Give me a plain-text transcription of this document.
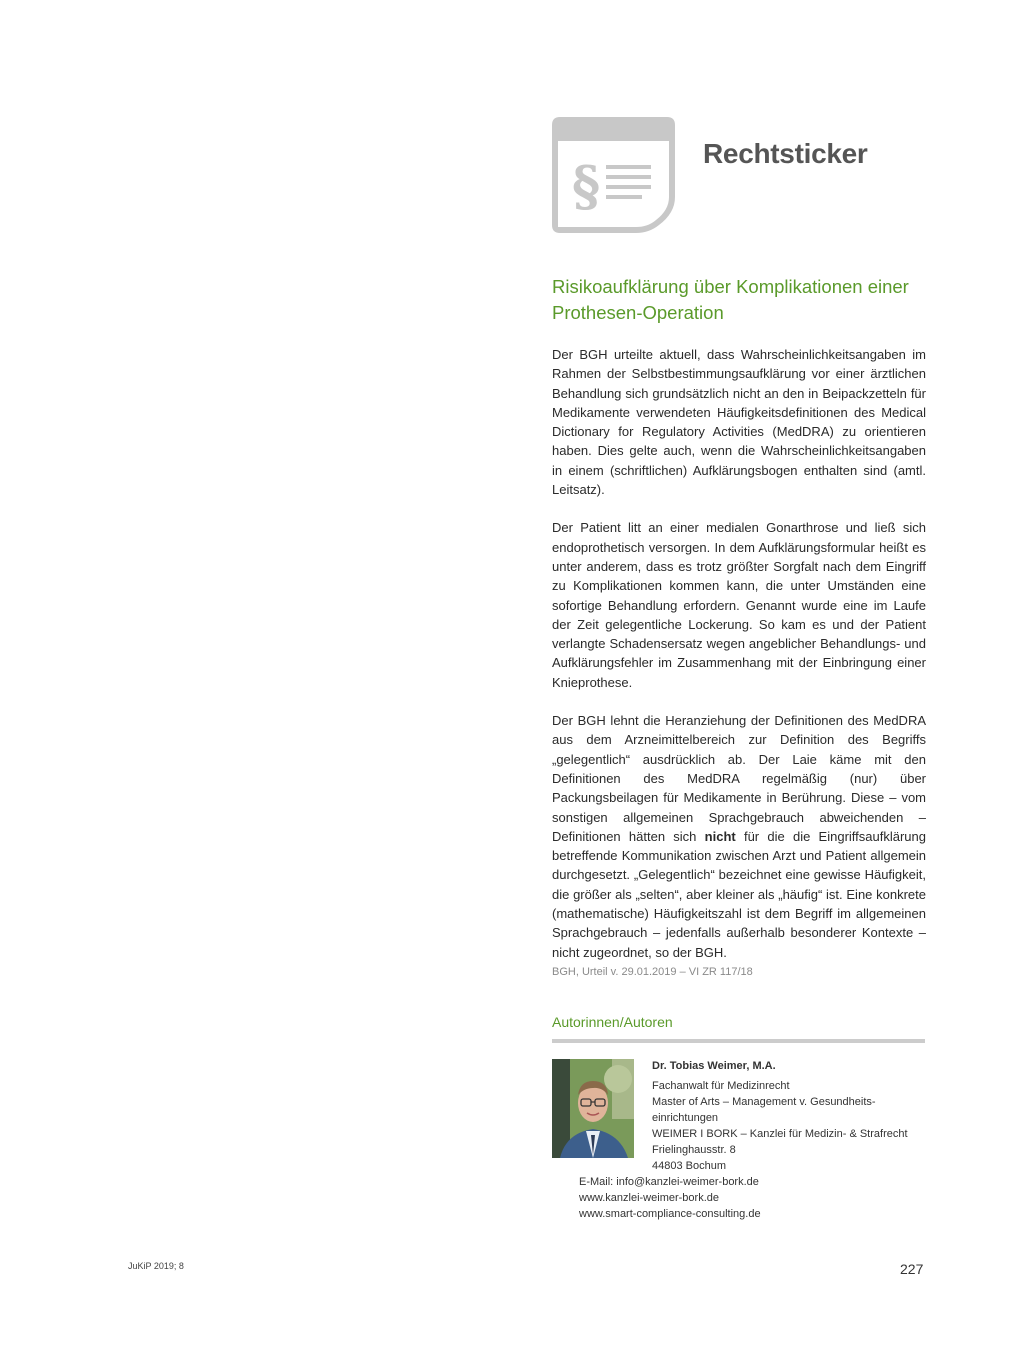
§
Rechtsticker
Risikoaufklärung über Komplikationen einer Prothesen-Operation

Der BGH urteilte aktuell, dass Wahrscheinlichkeitsangaben im Rahmen der Selbstbestimmungsaufklärung vor einer ärztlichen Behandlung sich grundsätzlich nicht an den in Beipackzetteln für Medikamente verwendeten Häufigkeitsdefinitionen des Medical Dictionary for Regulatory Activities (MedDRA) zu orientieren haben. Dies gelte auch, wenn die Wahrscheinlichkeitsangaben in einem (schriftlichen) Aufklärungsbogen enthalten sind (amtl. Leitsatz).

Der Patient litt an einer medialen Gonarthrose und ließ sich endoprothetisch versorgen. In dem Aufklärungsformular heißt es unter anderem, dass es trotz größter Sorgfalt nach dem Eingriff zu Komplikationen kommen kann, die unter Umständen eine sofortige Behandlung erfordern. Genannt wurde eine im Laufe der Zeit gelegentliche Lockerung. So kam es und der Patient verlangte Schadensersatz wegen angeblicher Behandlungs- und Aufklärungsfehler im Zusammenhang mit der Einbringung einer Knieprothese.

Der BGH lehnt die Heranziehung der Definitionen des MedDRA aus dem Arzneimittelbereich zur Definition des Begriffs „gelegentlich“ ausdrücklich ab. Der Laie käme mit den Definitionen des MedDRA regelmäßig (nur) über Packungsbeilagen für Medikamente in Berührung. Diese – vom sonstigen allgemeinen Sprachgebrauch abweichenden – Definitionen hätten sich nicht für die die Eingriffsaufklärung betreffende Kommunikation zwischen Arzt und Patient allgemein durchgesetzt. „Gelegentlich“ bezeichnet eine gewisse Häufigkeit, die größer als „selten“, aber kleiner als „häufig“ ist. Eine konkrete (mathematische) Häufigkeitszahl ist dem Begriff im allgemeinen Sprachgebrauch – jedenfalls außerhalb besonderer Kontexte – nicht zugeordnet, so der BGH.

BGH, Urteil v. 29.01.2019 – VI ZR 117/18
Autorinnen/Autoren
Dr. Tobias Weimer, M.A.
Fachanwalt für Medizinrecht
Master of Arts – Management v. Gesundheits-
einrichtungen
WEIMER I BORK – Kanzlei für Medizin- & Strafrecht
Frielinghausstr. 8
44803 Bochum
E-Mail: info@kanzlei-weimer-bork.de
www.kanzlei-weimer-bork.de
www.smart-compliance-consulting.de
JuKiP 2019; 8	227
